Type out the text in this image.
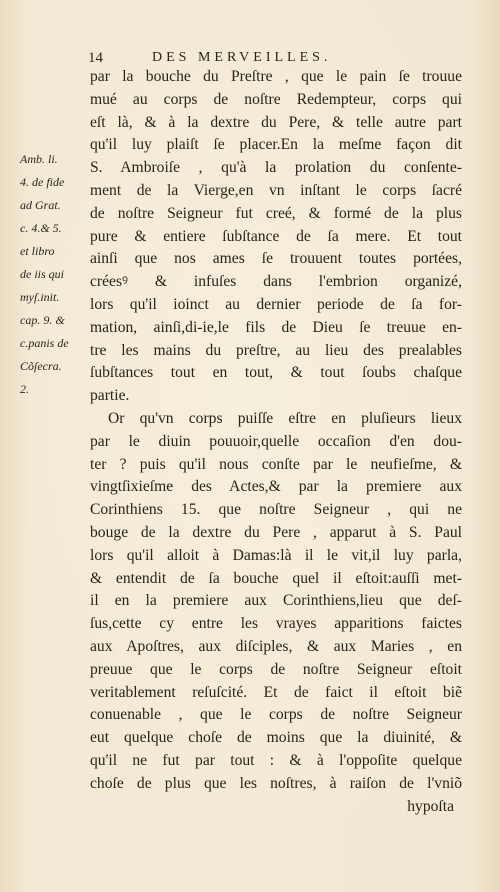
14	DES MERVEILLES.
Amb. li.
4. de fide
ad Grat.
c. 4.& 5.
et libro
de iis qui
myſ.init.
cap. 9. &
c.panis de
Cõſecra.
2.
par la bouche du Preſtre , que le pain ſe trouue
mué au corps de noſtre Redempteur, corps qui
eſt là, & à la dextre du Pere, & telle autre part
qu'il luy plaiſt ſe placer.En la meſme façon dit
S. Ambroiſe , qu'à la prolation du conſente-
ment de la Vierge,en vn inſtant le corps ſacré
de noſtre Seigneur fut creé, & formé de la plus
pure & entiere ſubſtance de ſa mere. Et tout
ainſi que nos ames ſe trouuent toutes portées,
créesꝰ & infuſes dans l'embrion organizé,
lors qu'il ioinct au dernier periode de ſa for-
mation, ainſi,di-ie,le fils de Dieu ſe treuue en-
tre les mains du preſtre, au lieu des prealables
ſubſtances tout en tout, & tout ſoubs chaſque
partie.
Or qu'vn corps puiſſe eſtre en pluſieurs lieux
par le diuin pouuoir,quelle occaſion d'en dou-
ter ? puis qu'il nous conſte par le neufieſme, &
vingtſixieſme des Actes,& par la premiere aux
Corinthiens 15. que noſtre Seigneur , qui ne
bouge de la dextre du Pere , apparut à S. Paul
lors qu'il alloit à Damas:là il le vit,il luy parla,
& entendit de ſa bouche quel il eſtoit:auſſi met-
il en la premiere aux Corinthiens,lieu que deſ-
ſus,cette cy entre les vrayes apparitions faictes
aux Apoſtres, aux diſciples, & aux Maries , en
preuue que le corps de noſtre Seigneur eſtoit
veritablement reſuſcité. Et de faict il eſtoit biẽ
conuenable , que le corps de noſtre Seigneur
eut quelque choſe de moins que la diuinité, &
qu'il ne fut par tout : & à l'oppoſite quelque
choſe de plus que les noſtres, à raiſon de l'vniõ
hypoſta
